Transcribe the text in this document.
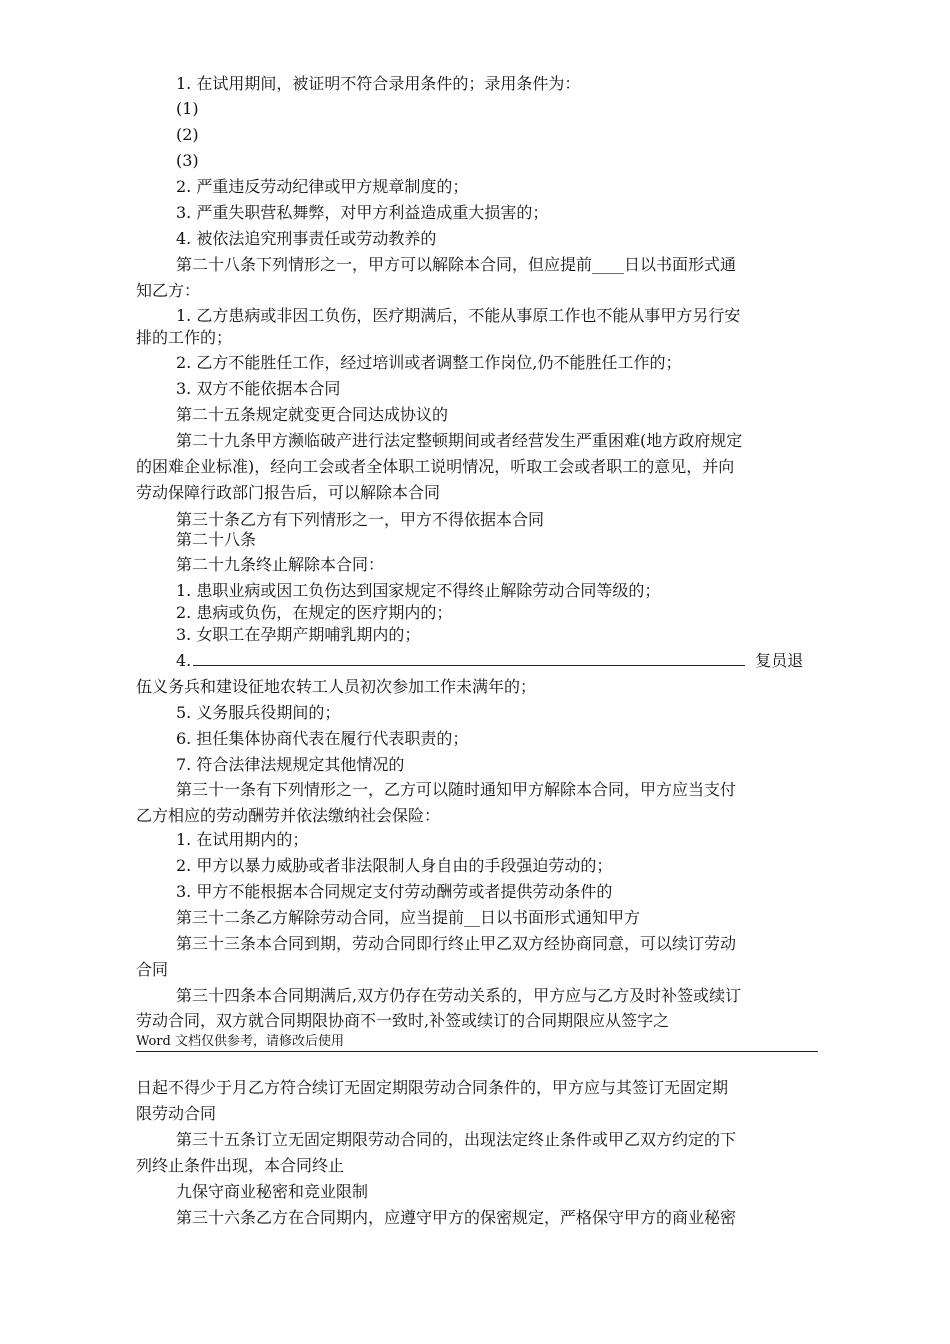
1. 在试用期间，被证明不符合录用条件的；录用条件为：
(1)
(2)
(3)
2. 严重违反劳动纪律或甲方规章制度的；
3. 严重失职营私舞弊，对甲方利益造成重大损害的；
4. 被依法追究刑事责任或劳动教养的
第二十八条下列情形之一，甲方可以解除本合同，但应提前____日以书面形式通
知乙方：
1. 乙方患病或非因工负伤，医疗期满后，不能从事原工作也不能从事甲方另行安
排的工作的；
2. 乙方不能胜任工作，经过培训或者调整工作岗位,仍不能胜任工作的；
3. 双方不能依据本合同
第二十五条规定就变更合同达成协议的
第二十九条甲方濒临破产进行法定整顿期间或者经营发生严重困难(地方政府规定
的困难企业标准)，经向工会或者全体职工说明情况，听取工会或者职工的意见，并向
劳动保障行政部门报告后，可以解除本合同
第三十条乙方有下列情形之一，甲方不得依据本合同
第二十八条
第二十九条终止解除本合同：
1. 患职业病或因工负伤达到国家规定不得终止解除劳动合同等级的；
2. 患病或负伤，在规定的医疗期内的；
3. 女职工在孕期产期哺乳期内的；
4.	复员退
伍义务兵和建设征地农转工人员初次参加工作未满年的；
5. 义务服兵役期间的；
6. 担任集体协商代表在履行代表职责的；
7. 符合法律法规规定其他情况的
第三十一条有下列情形之一，乙方可以随时通知甲方解除本合同，甲方应当支付
乙方相应的劳动酬劳并依法缴纳社会保险：
1. 在试用期内的；
2. 甲方以暴力威胁或者非法限制人身自由的手段强迫劳动的；
3. 甲方不能根据本合同规定支付劳动酬劳或者提供劳动条件的
第三十二条乙方解除劳动合同，应当提前__日以书面形式通知甲方
第三十三条本合同到期，劳动合同即行终止甲乙双方经协商同意，可以续订劳动
合同
第三十四条本合同期满后,双方仍存在劳动关系的，甲方应与乙方及时补签或续订
劳动合同，双方就合同期限协商不一致时,补签或续订的合同期限应从签字之
Word 文档仅供参考，请修改后使用
日起不得少于月乙方符合续订无固定期限劳动合同条件的，甲方应与其签订无固定期
限劳动合同
第三十五条订立无固定期限劳动合同的，出现法定终止条件或甲乙双方约定的下
列终止条件出现，本合同终止
九保守商业秘密和竞业限制
第三十六条乙方在合同期内，应遵守甲方的保密规定，严格保守甲方的商业秘密
